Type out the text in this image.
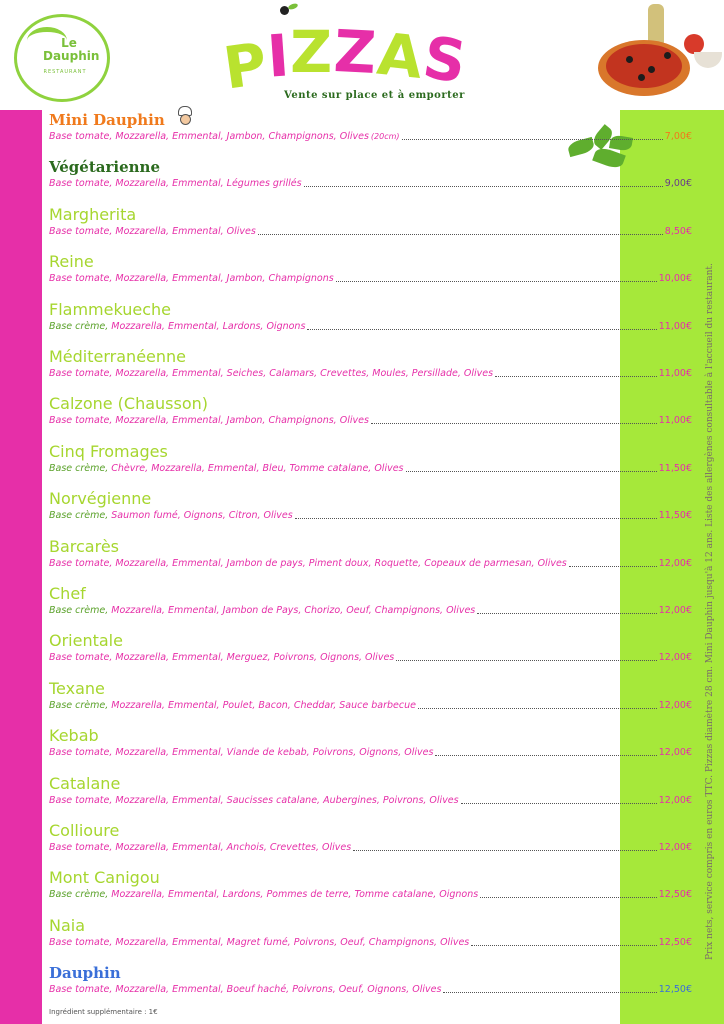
Le
Dauphin
RESTAURANT PIZZAS
Vente sur place et à emporter
Mini Dauphin
Base tomate, Mozzarella, Emmental, Jambon, Champignons, Olives (20cm)	7,00€
Végétarienne
Base tomate, Mozzarella, Emmental, Légumes grillés	9,00€
Margherita
Base tomate, Mozzarella, Emmental, Olives	8,50€
Reine
Base tomate, Mozzarella, Emmental, Jambon, Champignons	10,00€
Flammekueche
Base crème, Mozzarella, Emmental, Lardons, Oignons	11,00€
Méditerranéenne
Base tomate, Mozzarella, Emmental, Seiches, Calamars, Crevettes, Moules, Persillade, Olives	11,00€
Calzone (Chausson)
Base tomate, Mozzarella, Emmental, Jambon, Champignons, Olives	11,00€
Cinq Fromages
Base crème, Chèvre, Mozzarella, Emmental, Bleu, Tomme catalane, Olives	11,50€
Norvégienne
Base crème, Saumon fumé, Oignons, Citron, Olives	11,50€
Barcarès
Base tomate, Mozzarella, Emmental, Jambon de pays, Piment doux, Roquette, Copeaux de parmesan, Olives	12,00€
Chef
Base crème, Mozzarella, Emmental, Jambon de Pays, Chorizo, Oeuf, Champignons, Olives	12,00€
Orientale
Base tomate, Mozzarella, Emmental, Merguez, Poivrons, Oignons, Olives	12,00€
Texane
Base crème, Mozzarella, Emmental, Poulet, Bacon, Cheddar, Sauce barbecue	12,00€
Kebab
Base tomate, Mozzarella, Emmental, Viande de kebab, Poivrons, Oignons, Olives	12,00€
Catalane
Base tomate, Mozzarella, Emmental, Saucisses catalane, Aubergines, Poivrons, Olives	12,00€
Collioure
Base tomate, Mozzarella, Emmental, Anchois, Crevettes, Olives	12,00€
Mont Canigou
Base crème, Mozzarella, Emmental, Lardons, Pommes de terre, Tomme catalane, Oignons	12,50€
Naia
Base tomate, Mozzarella, Emmental, Magret fumé, Poivrons, Oeuf, Champignons, Olives	12,50€
Dauphin
Base tomate, Mozzarella, Emmental, Boeuf haché, Poivrons, Oeuf, Oignons, Olives	12,50€
Prix nets, service compris en euros TTC. Pizzas diamètre 28 cm. Mini Dauphin jusqu'à 12 ans. Liste des allergènes consultable à l'accueil du restaurant.
Ingrédient supplémentaire : 1€
